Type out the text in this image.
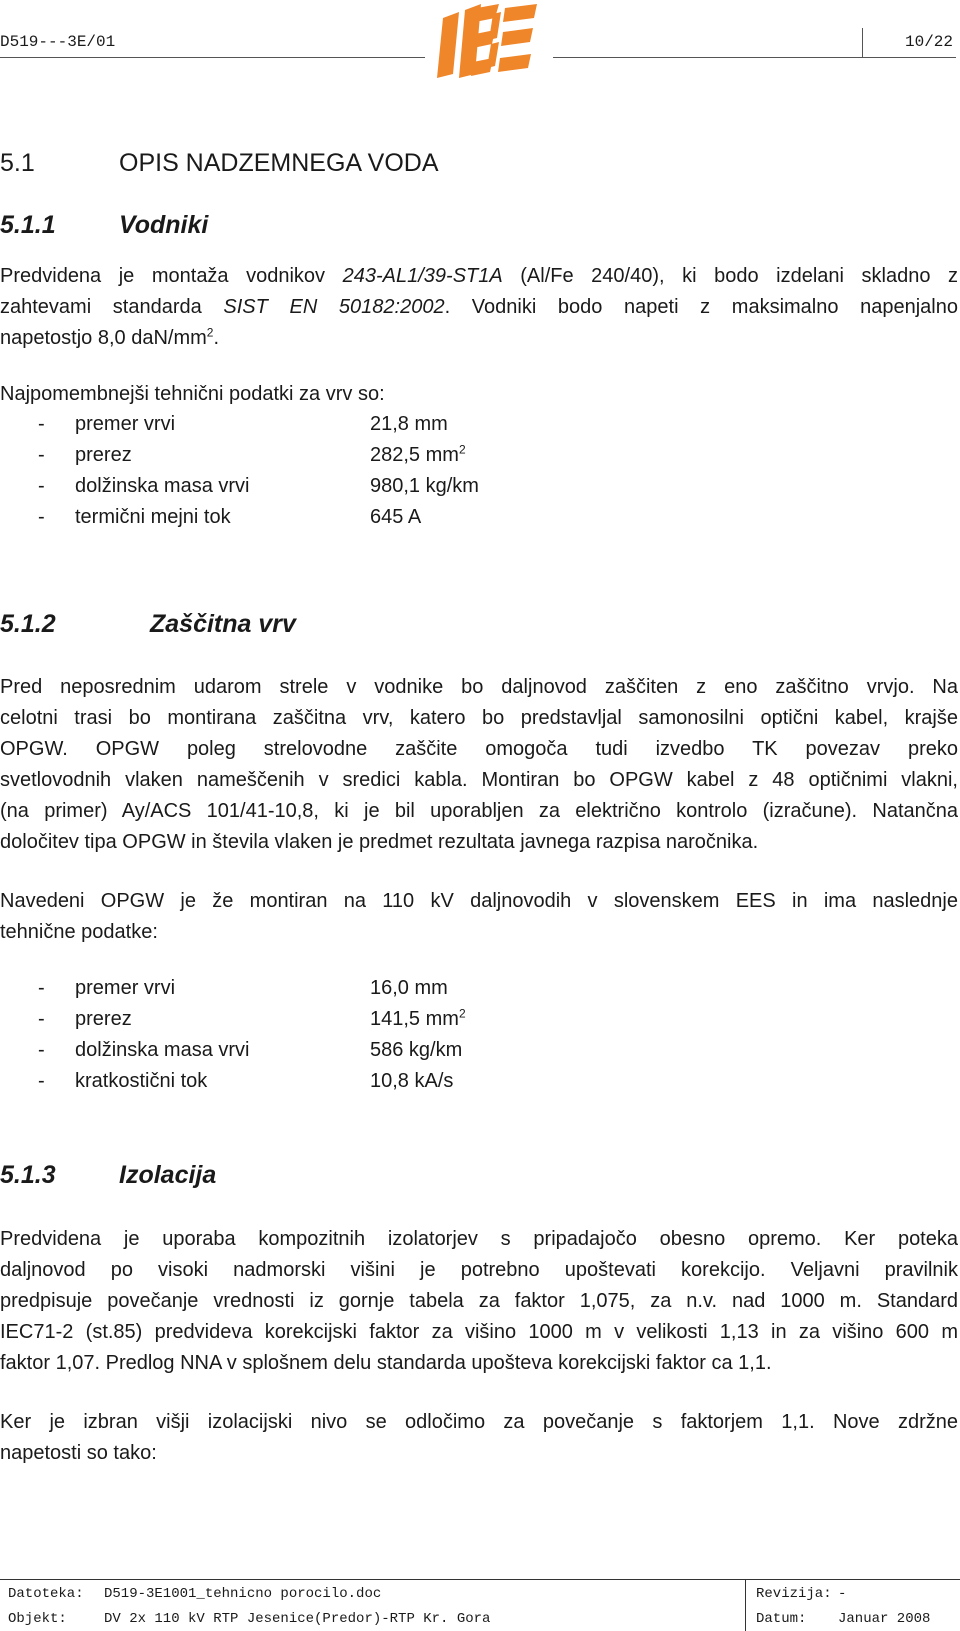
D519---3E/01	10/22
5.1	OPIS NADZEMNEGA VODA
5.1.1	Vodniki
Predvidena je montaža vodnikov 243-AL1/39-ST1A (Al/Fe 240/40), ki bodo izdelani skladno z
zahtevami standarda SIST EN 50182:2002. Vodniki bodo napeti z maksimalno napenjalno
napetostjo 8,0 daN/$mm^2$.
Najpomembnejši tehnični podatki za vrv so:
- premer vrvi	21,8 mm
- prerez	282,5 $mm^2$
- dolžinska masa vrvi	980,1 kg/km
- termični mejni tok	645 A
5.1.2	Zaščitna vrv
Pred neposrednim udarom strele v vodnike bo daljnovod zaščiten z eno zaščitno vrvjo. Na
celotni trasi bo montirana zaščitna vrv, katero bo predstavljal samonosilni optični kabel, krajše
OPGW. OPGW poleg strelovodne zaščite omogoča tudi izvedbo TK povezav preko
svetlovodnih vlaken nameščenih v sredici kabla. Montiran bo OPGW kabel z 48 optičnimi vlakni,
(na primer) Ay/ACS 101/41-10,8, ki je bil uporabljen za električno kontrolo (izračune). Natančna
določitev tipa OPGW in števila vlaken je predmet rezultata javnega razpisa naročnika.
Navedeni OPGW je že montiran na 110 kV daljnovodih v slovenskem EES in ima naslednje
tehnične podatke:
- premer vrvi	16,0 mm
- prerez	141,5 $mm^2$
- dolžinska masa vrvi	586 kg/km
- kratkostični tok	10,8 kA/s
5.1.3	Izolacija
Predvidena je uporaba kompozitnih izolatorjev s pripadajočo obesno opremo. Ker poteka
daljnovod po visoki nadmorski višini je potrebno upoštevati korekcijo. Veljavni pravilnik
predpisuje povečanje vrednosti iz gornje tabela za faktor 1,075, za n.v. nad 1000 m. Standard
IEC71-2 (st.85) predvideva korekcijski faktor za višino 1000 m v velikosti 1,13 in za višino 600 m
faktor 1,07. Predlog NNA v splošnem delu standarda upošteva korekcijski faktor ca 1,1.
Ker je izbran višji izolacijski nivo se odločimo za povečanje s faktorjem 1,1. Nove zdržne
napetosti so tako:
Datoteka: D519-3E1001_tehnicno porocilo.doc
Objekt:	DV 2x 110 kV RTP Jesenice(Predor)-RTP Kr. Gora
Revizija: -
Datum: Januar 2008
